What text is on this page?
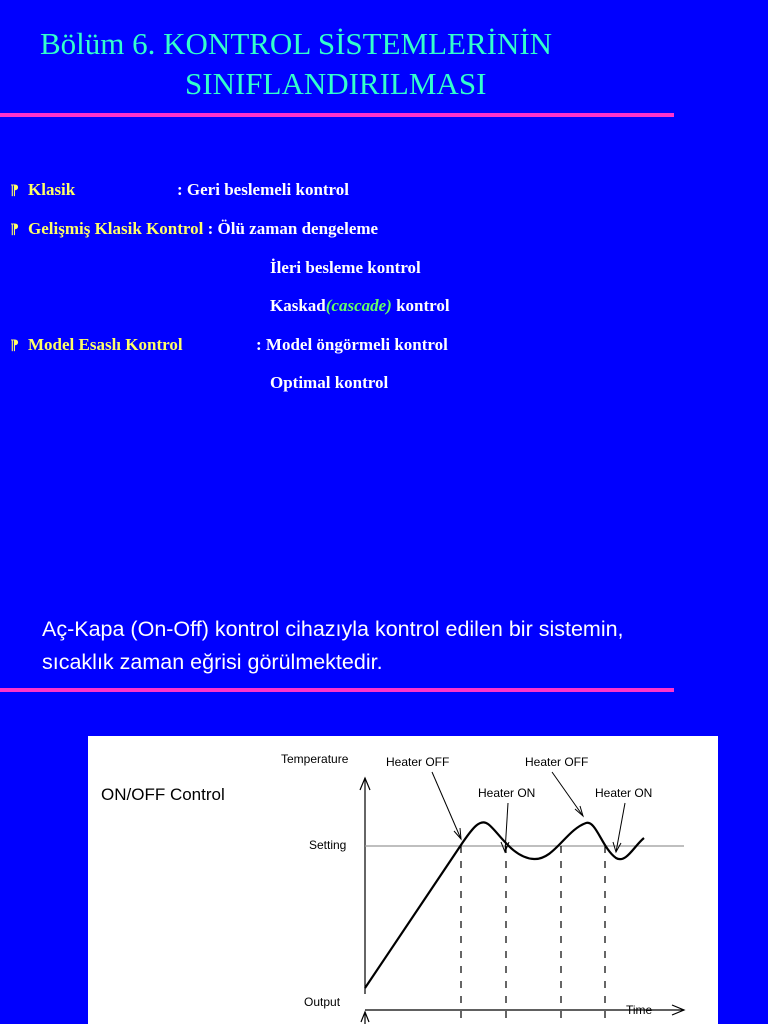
Bölüm 6. KONTROL SİSTEMLERİNİN
SINIFLANDIRILMASI
⁋ Klasik	: Geri beslemeli kontrol
⁋ Gelişmiş Klasik Kontrol : Ölü zaman dengeleme
İleri besleme kontrol
Kaskad(cascade) kontrol
⁋ Model Esaslı Kontrol	: Model öngörmeli kontrol
Optimal kontrol
Aç-Kapa (On-Off) kontrol cihazıyla kontrol edilen bir sistemin, sıcaklık zaman eğrisi görülmektedir.
ON/OFF Control
Temperature
Setting
Time
Output
Heater OFF
Heater ON
Heater OFF
Heater ON
